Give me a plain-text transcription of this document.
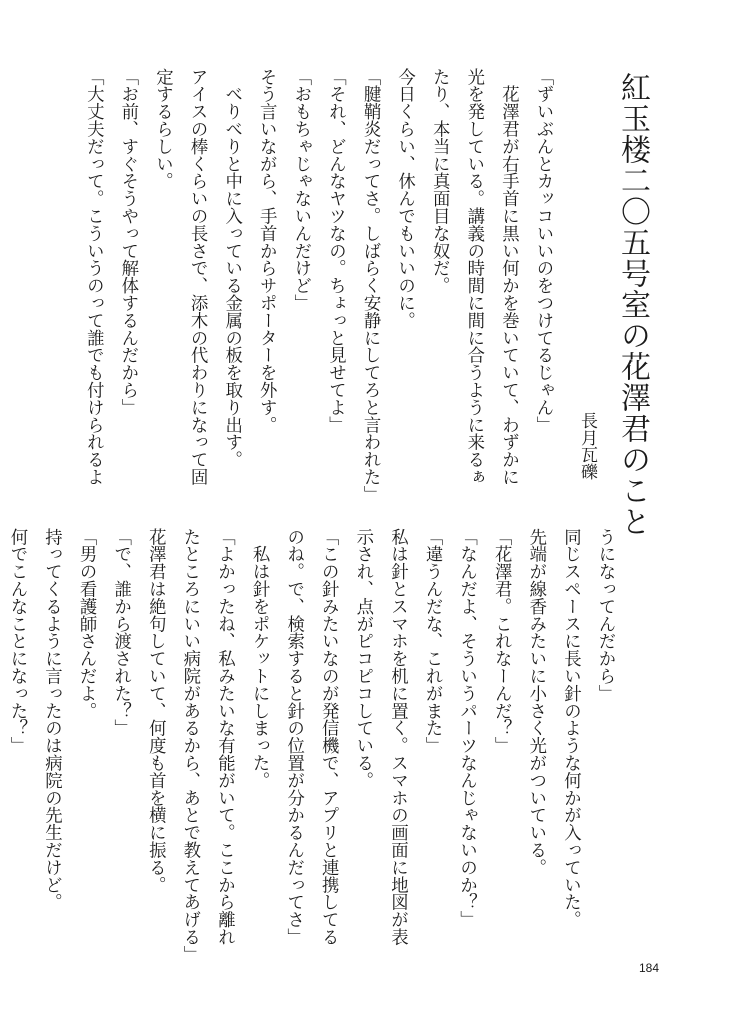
紅玉楼二〇五号室の花澤君のこと
長月瓦礫
「ずいぶんとカッコいいのをつけてるじゃん」
　花澤君が右手首に黒い何かを巻いていて、わずかに
光を発している。講義の時間に間に合うように来るぁ
たり、本当に真面目な奴だ。
今日くらい、休んでもいいのに。
「腱鞘炎だってさ。しばらく安静にしてろと言われた」
「それ、どんなヤツなの。ちょっと見せてよ」
「おもちゃじゃないんだけど」
そう言いながら、手首からサポーターを外す。
　べりべりと中に入っている金属の板を取り出す。
アイスの棒くらいの長さで、添木の代わりになって固
定するらしい。
「お前、すぐそうやって解体するんだから」
「大丈夫だって。こういうのって誰でも付けられるよ
うになってんだから」
同じスペースに長い針のような何かが入っていた。
先端が線香みたいに小さく光がついている。
「花澤君。これなーんだ？」
「なんだよ、そういうパーツなんじゃないのか？」
「違うんだな、これがまた」
私は針とスマホを机に置く。スマホの画面に地図が表
示され、点がピコピコしている。
「この針みたいなのが発信機で、アプリと連携してる
のね。で、検索すると針の位置が分かるんだってさ」
　私は針をポケットにしまった。
「よかったね、私みたいな有能がいて。ここから離れ
たところにいい病院があるから、あとで教えてあげる」
花澤君は絶句していて、何度も首を横に振る。
「で、誰から渡された？」
「男の看護師さんだよ。
持ってくるように言ったのは病院の先生だけど。
何でこんなことになった？」
184
